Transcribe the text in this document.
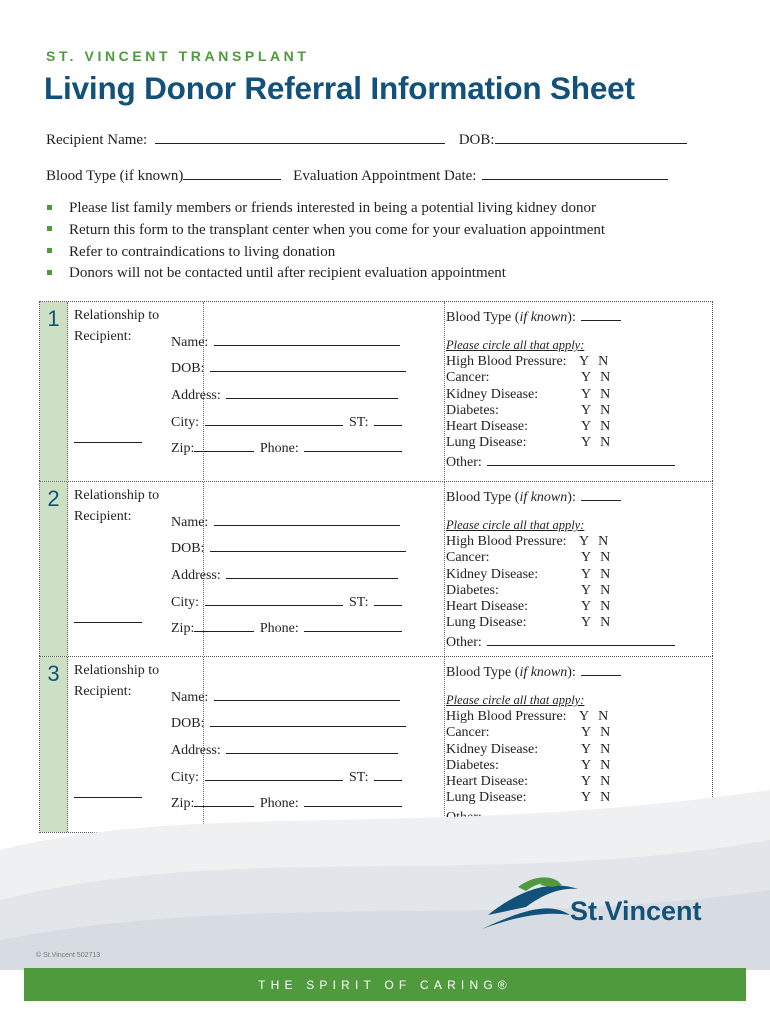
ST. VINCENT TRANSPLANT
Living Donor Referral Information Sheet
Recipient Name:	DOB:
Blood Type (if known)	Evaluation Appointment Date:
Please list family members or friends interested in being a potential living kidney donor
Return this form to the transplant center when you come for your evaluation appointment
Refer to contraindications to living donation
Donors will not be contacted until after recipient evaluation appointment
1	Relationship to Recipient:	Name:
DOB:
Address:
City:	ST:
Zip:	Phone:
Blood Type (if known):
Please circle all that apply:
High Blood Pressure: Y N
Cancer:	Y N
Kidney Disease:	Y N
Diabetes:	Y N
Heart Disease:	Y N
Lung Disease:	Y N
Other:
2	Relationship to Recipient:	Name:
DOB:
Address:
City:	ST:
Zip:	Phone:
Blood Type (if known):
Please circle all that apply:
High Blood Pressure: Y N
Cancer:	Y N
Kidney Disease:	Y N
Diabetes:	Y N
Heart Disease:	Y N
Lung Disease:	Y N
Other:
3	Relationship to Recipient:	Name:
DOB:
Address:
City:	ST:
Zip:	Phone:
Blood Type (if known):
Please circle all that apply:
High Blood Pressure: Y N
Cancer:	Y N
Kidney Disease:	Y N
Diabetes:	Y N
Heart Disease:	Y N
Lung Disease:	Y N
St.Vincent
© St.Vincent 502713
THE SPIRIT OF CARING®
